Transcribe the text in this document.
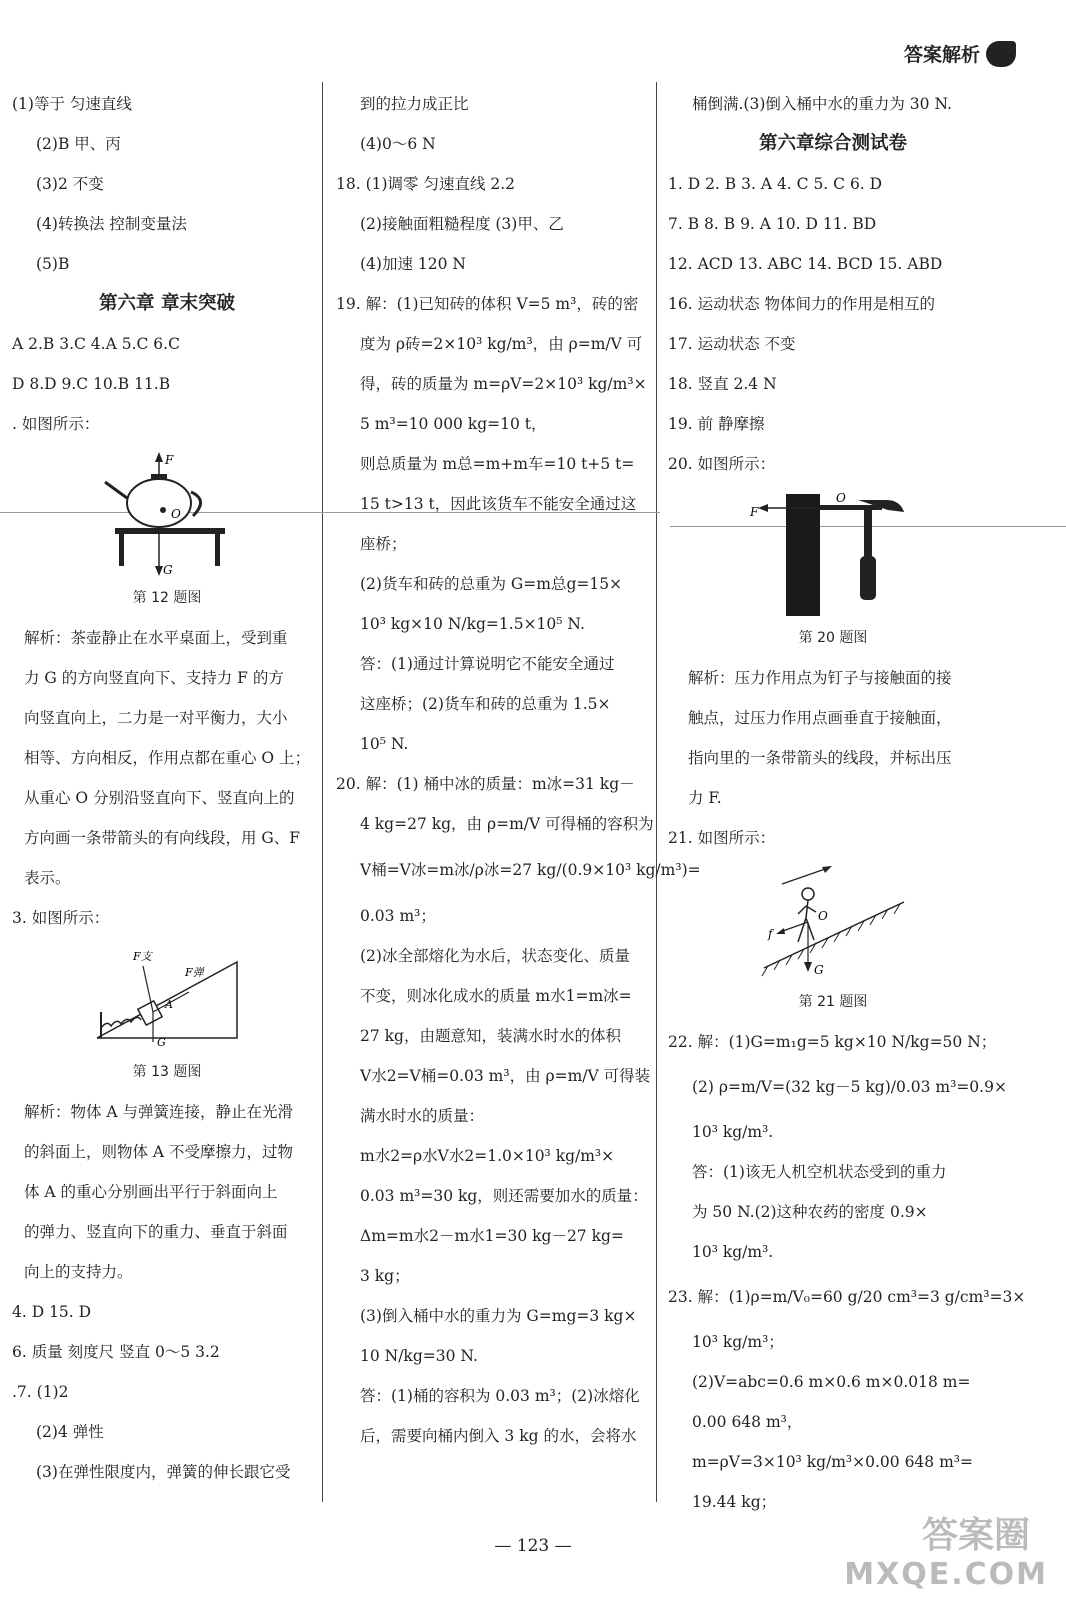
答案解析
(1)等于 匀速直线
(2)B 甲、丙
(3)2 不变
(4)转换法 控制变量法
(5)B
第六章 章末突破
A 2.B 3.C 4.A 5.C 6.C
D 8.D 9.C 10.B 11.B
. 如图所示：
F
O
G
第 12 题图
解析：茶壶静止在水平桌面上，受到重
力 G 的方向竖直向下、支持力 F 的方
向竖直向上，二力是一对平衡力，大小
相等、方向相反，作用点都在重心 O 上；
从重心 O 分别沿竖直向下、竖直向上的
方向画一条带箭头的有向线段，用 G、F
表示。
3. 如图所示：
F支
F弹
A
G
第 13 题图
解析：物体 A 与弹簧连接，静止在光滑
的斜面上，则物体 A 不受摩擦力，过物
体 A 的重心分别画出平行于斜面向上
的弹力、竖直向下的重力、垂直于斜面
向上的支持力。
4. D 15. D
6. 质量 刻度尺 竖直 0～5 3.2
.7. (1)2
(2)4 弹性
(3)在弹性限度内，弹簧的伸长跟它受
到的拉力成正比
(4)0～6 N
18. (1)调零 匀速直线 2.2
(2)接触面粗糙程度 (3)甲、乙
(4)加速 120 N
19. 解：(1)已知砖的体积 V=5 m³，砖的密
度为 ρ砖=2×10³ kg/m³，由 ρ=m/V 可
得，砖的质量为 m=ρV=2×10³ kg/m³×
5 m³=10 000 kg=10 t，
则总质量为 m总=m+m车=10 t+5 t=
15 t>13 t，因此该货车不能安全通过这
座桥；
(2)货车和砖的总重为 G=m总g=15×
10³ kg×10 N/kg=1.5×10⁵ N.
答：(1)通过计算说明它不能安全通过
这座桥；(2)货车和砖的总重为 1.5×
10⁵ N.
20. 解：(1) 桶中冰的质量：m冰=31 kg－
4 kg=27 kg，由 ρ=m/V 可得桶的容积为
V桶=V冰=m冰/ρ冰=27 kg/(0.9×10³ kg/m³)=
0.03 m³；
(2)冰全部熔化为水后，状态变化、质量
不变，则冰化成水的质量 m水1=m冰=
27 kg，由题意知，装满水时水的体积
V水2=V桶=0.03 m³，由 ρ=m/V 可得装
满水时水的质量：
m水2=ρ水V水2=1.0×10³ kg/m³×
0.03 m³=30 kg，则还需要加水的质量：
Δm=m水2－m水1=30 kg－27 kg=
3 kg；
(3)倒入桶中水的重力为 G=mg=3 kg×
10 N/kg=30 N.
答：(1)桶的容积为 0.03 m³；(2)冰熔化
后，需要向桶内倒入 3 kg 的水，会将水
桶倒满.(3)倒入桶中水的重力为 30 N.
第六章综合测试卷
1. D 2. B 3. A 4. C 5. C 6. D
7. B 8. B 9. A 10. D 11. BD
12. ACD 13. ABC 14. BCD 15. ABD
16. 运动状态 物体间力的作用是相互的
17. 运动状态 不变
18. 竖直 2.4 N
19. 前 静摩擦
20. 如图所示：
F
O
第 20 题图
解析：压力作用点为钉子与接触面的接
触点，过压力作用点画垂直于接触面，
指向里的一条带箭头的线段，并标出压
力 F.
21. 如图所示：
f
O
G
第 21 题图
22. 解：(1)G=m₁g=5 kg×10 N/kg=50 N；
(2) ρ=m/V=(32 kg－5 kg)/0.03 m³=0.9×
10³ kg/m³.
答：(1)该无人机空机状态受到的重力
为 50 N.(2)这种农药的密度 0.9×
10³ kg/m³.
23. 解：(1)ρ=m/V₀=60 g/20 cm³=3 g/cm³=3×
10³ kg/m³；
(2)V=abc=0.6 m×0.6 m×0.018 m=
0.00 648 m³，
m=ρV=3×10³ kg/m³×0.00 648 m³=
19.44 kg；
— 123 —	答案圈
MXQE.COM
